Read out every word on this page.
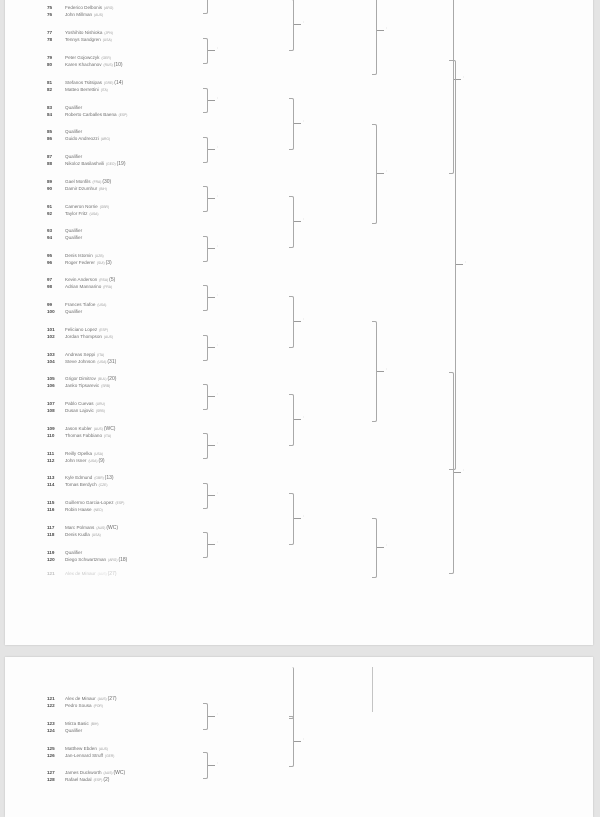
75	Federico Delbonis (ARG)
76	John Millman (AUS)
77	Yoshihito Nishioka (JPN)
78	Tennys Sandgren (USA)
79	Peter Gojowczyk (GER)
80	Karen Khachanov (RUS)(10)
81	Stefanos Tsitsipas (GRE)(14)
82	Matteo Berrettini (ITA)
83	Qualifier
84	Roberto Carballes Baena (ESP)
85	Qualifier
86	Guido Andreozzi (ARG)
87	Qualifier
88	Nikoloz Basilashvili (GEO)(19)
89	Gael Monfils (FRA)(30)
90	Damir Dzumhur (BIH)
91	Cameron Norrie (GBR)
92	Taylor Fritz (USA)
93	Qualifier
94	Qualifier
95	Denis Istomin (UZB)
96	Roger Federer (SUI)(3)
97	Kevin Anderson (RSA)(5)
98	Adrian Mannarino (FRA)
99	Frances Tiafoe (USA)
100	Qualifier
101	Feliciano Lopez (ESP)
102	Jordan Thompson (AUS)
103	Andreas Seppi (ITA)
104	Steve Johnson (USA)(31)
105	Grigor Dimitrov (BUL)(20)
106	Janko Tipsarevic (SRB)
107	Pablo Cuevas (URU)
108	Dusan Lajovic (SRB)
109	Jason Kubler (AUS)(WC)
110	Thomas Fabbiano (ITA)
111	Reilly Opelka (USA)
112	John Isner (USA)(9)
113	Kyle Edmund (GBR)(13)
114	Tomas Berdych (CZE)
115	Guillermo Garcia-Lopez (ESP)
116	Robin Haase (NED)
117	Marc Polmans (AUS)(WC)
118	Denis Kudla (USA)
119	Qualifier
120	Diego Schwartzman (ARG)(18)
121	Alex de Minaur (AUS)(27)
:
:
:
:
:
:
:
:
:
:
:
:
:
:
:
:
:
:
:
:
:
:
:
:
121	Alex de Minaur (AUS)(27)
122	Pedro Sousa (POR)
123	Mirza Basic (BIH)
124	Qualifier
125	Matthew Ebden (AUS)
126	Jan-Lennard Struff (GER)
127	James Duckworth (AUS)(WC)
128	Rafael Nadal (ESP)(2)
:
:
:
